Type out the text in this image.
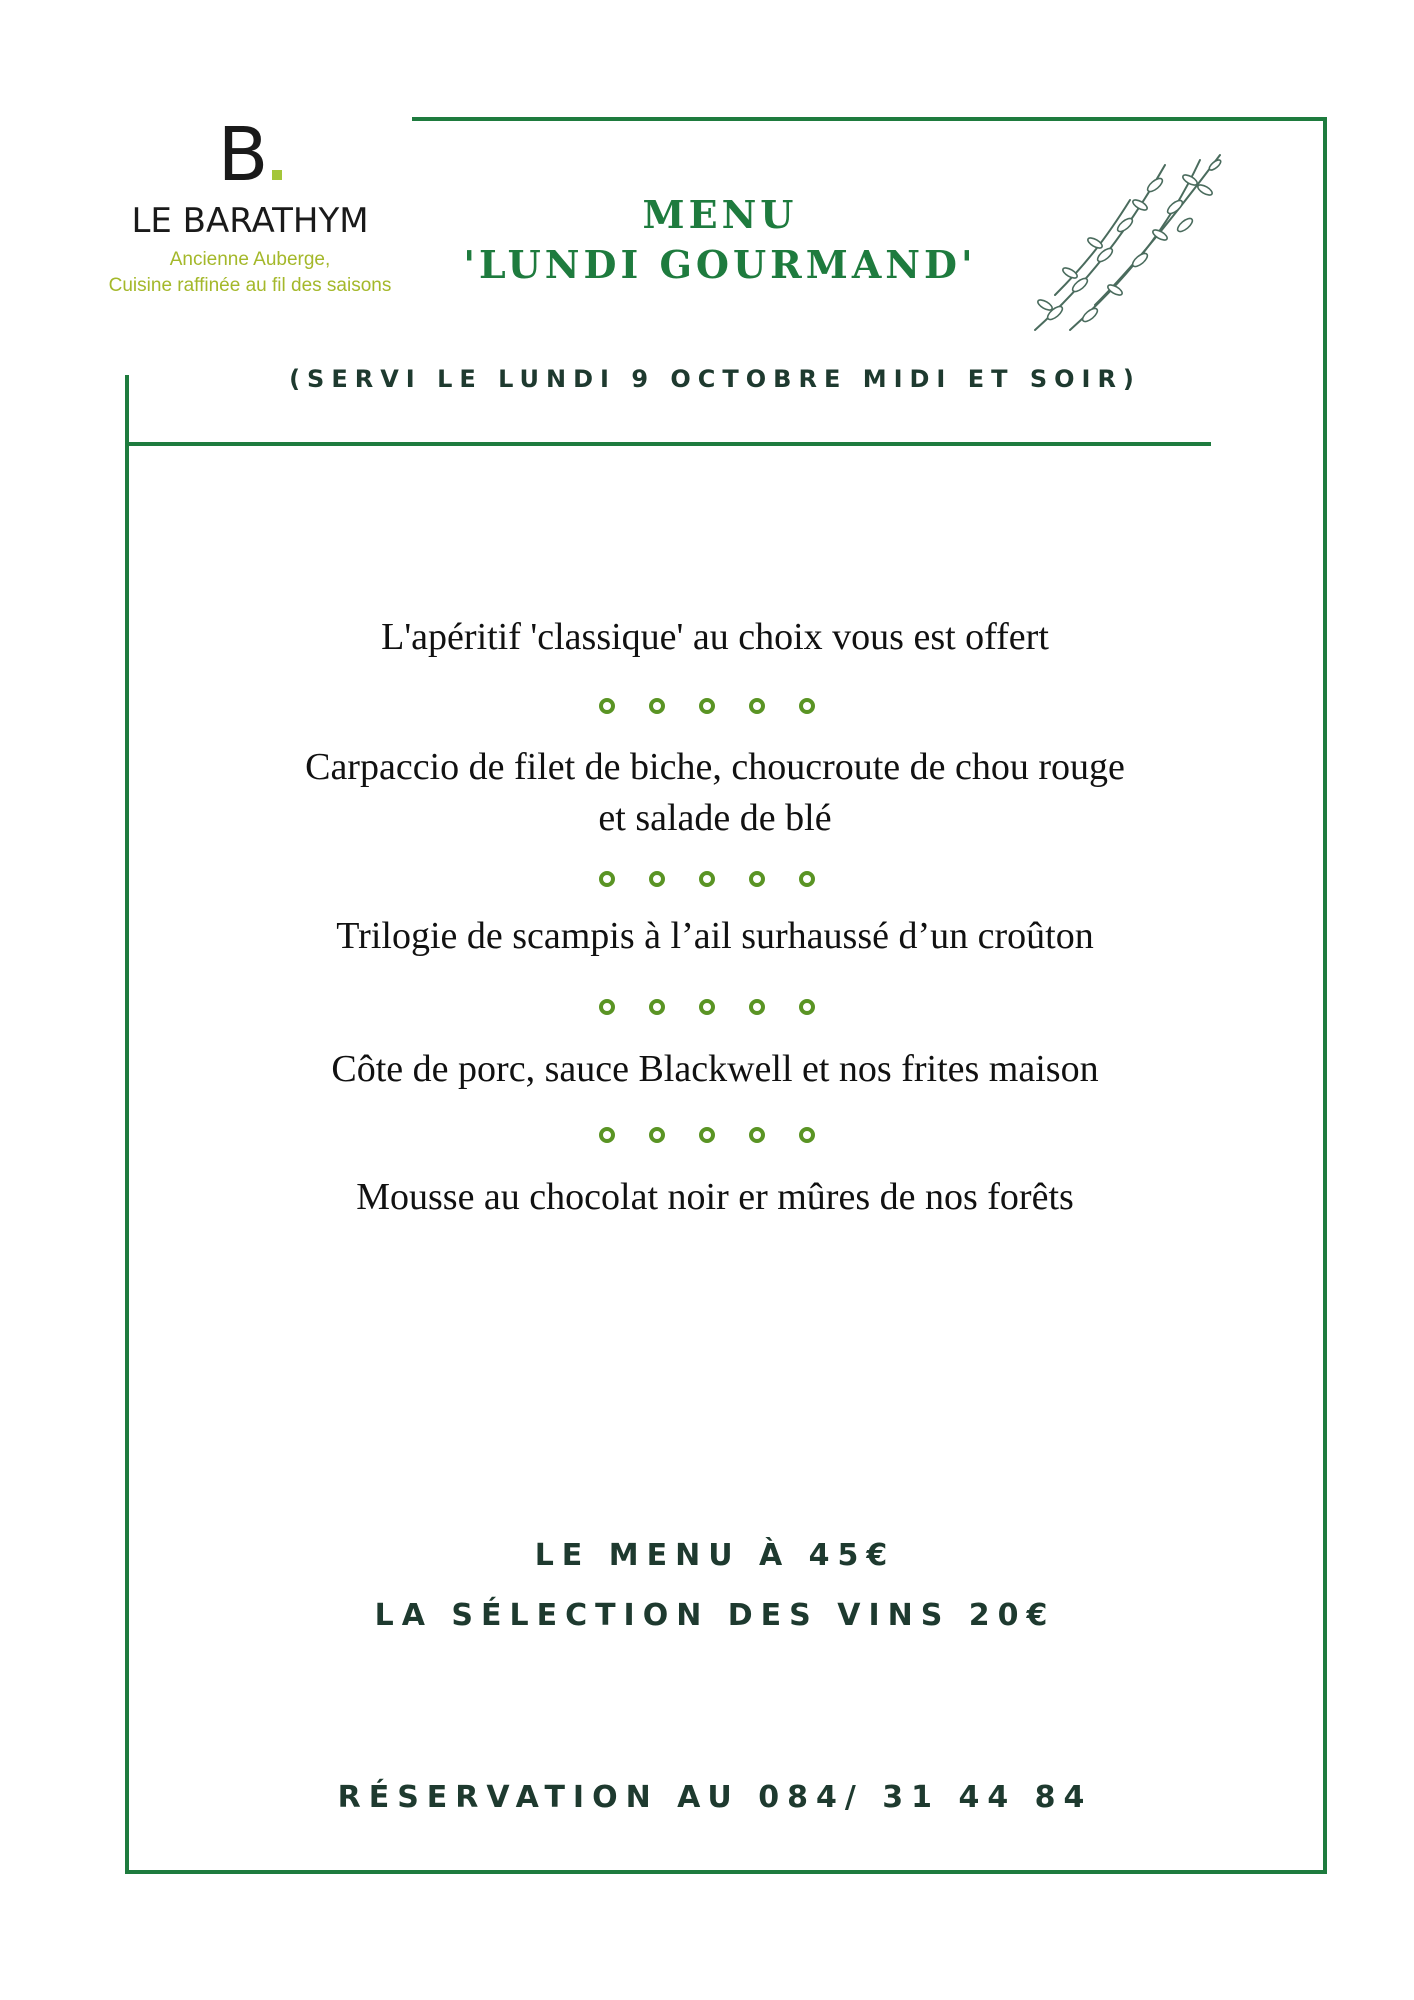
B
LE BARATHYM
Ancienne Auberge,
Cuisine raffinée au fil des saisons
MENU
'LUNDI GOURMAND'
(SERVI LE LUNDI 9 OCTOBRE MIDI ET SOIR)
L'apéritif 'classique' au choix vous est offert
Carpaccio de filet de biche, choucroute de chou rouge
et salade de blé
Trilogie de scampis à l’ail surhaussé d’un croûton
Côte de porc, sauce Blackwell et nos frites maison
Mousse au chocolat noir er mûres de nos forêts
LE MENU À 45€
LA SÉLECTION DES VINS 20€
RÉSERVATION AU 084/ 31 44 84
